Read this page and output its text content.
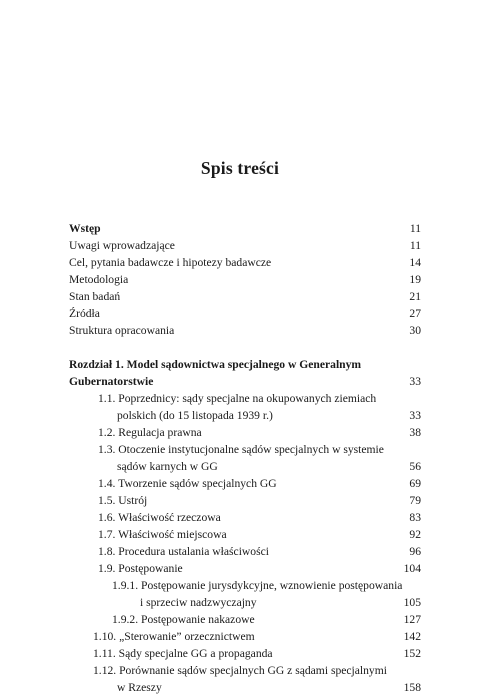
Spis treści
Wstęp	11
Uwagi wprowadzające	11
Cel, pytania badawcze i hipotezy badawcze	14
Metodologia	19
Stan badań	21
Źródła	27
Struktura opracowania	30
Rozdział 1. Model sądownictwa specjalnego w Generalnym
Gubernatorstwie	33
1.1. Poprzednicy: sądy specjalne na okupowanych ziemiach
polskich (do 15 listopada 1939 r.)	33
1.2. Regulacja prawna	38
1.3. Otoczenie instytucjonalne sądów specjalnych w systemie
sądów karnych w GG	56
1.4. Tworzenie sądów specjalnych GG	69
1.5. Ustrój	79
1.6. Właściwość rzeczowa	83
1.7. Właściwość miejscowa	92
1.8. Procedura ustalania właściwości	96
1.9. Postępowanie	104
1.9.1. Postępowanie jurysdykcyjne, wznowienie postępowania
i sprzeciw nadzwyczajny	105
1.9.2. Postępowanie nakazowe	127
1.10. „Sterowanie” orzecznictwem	142
1.11. Sądy specjalne GG a propaganda	152
1.12. Porównanie sądów specjalnych GG z sądami specjalnymi
w Rzeszy	158
